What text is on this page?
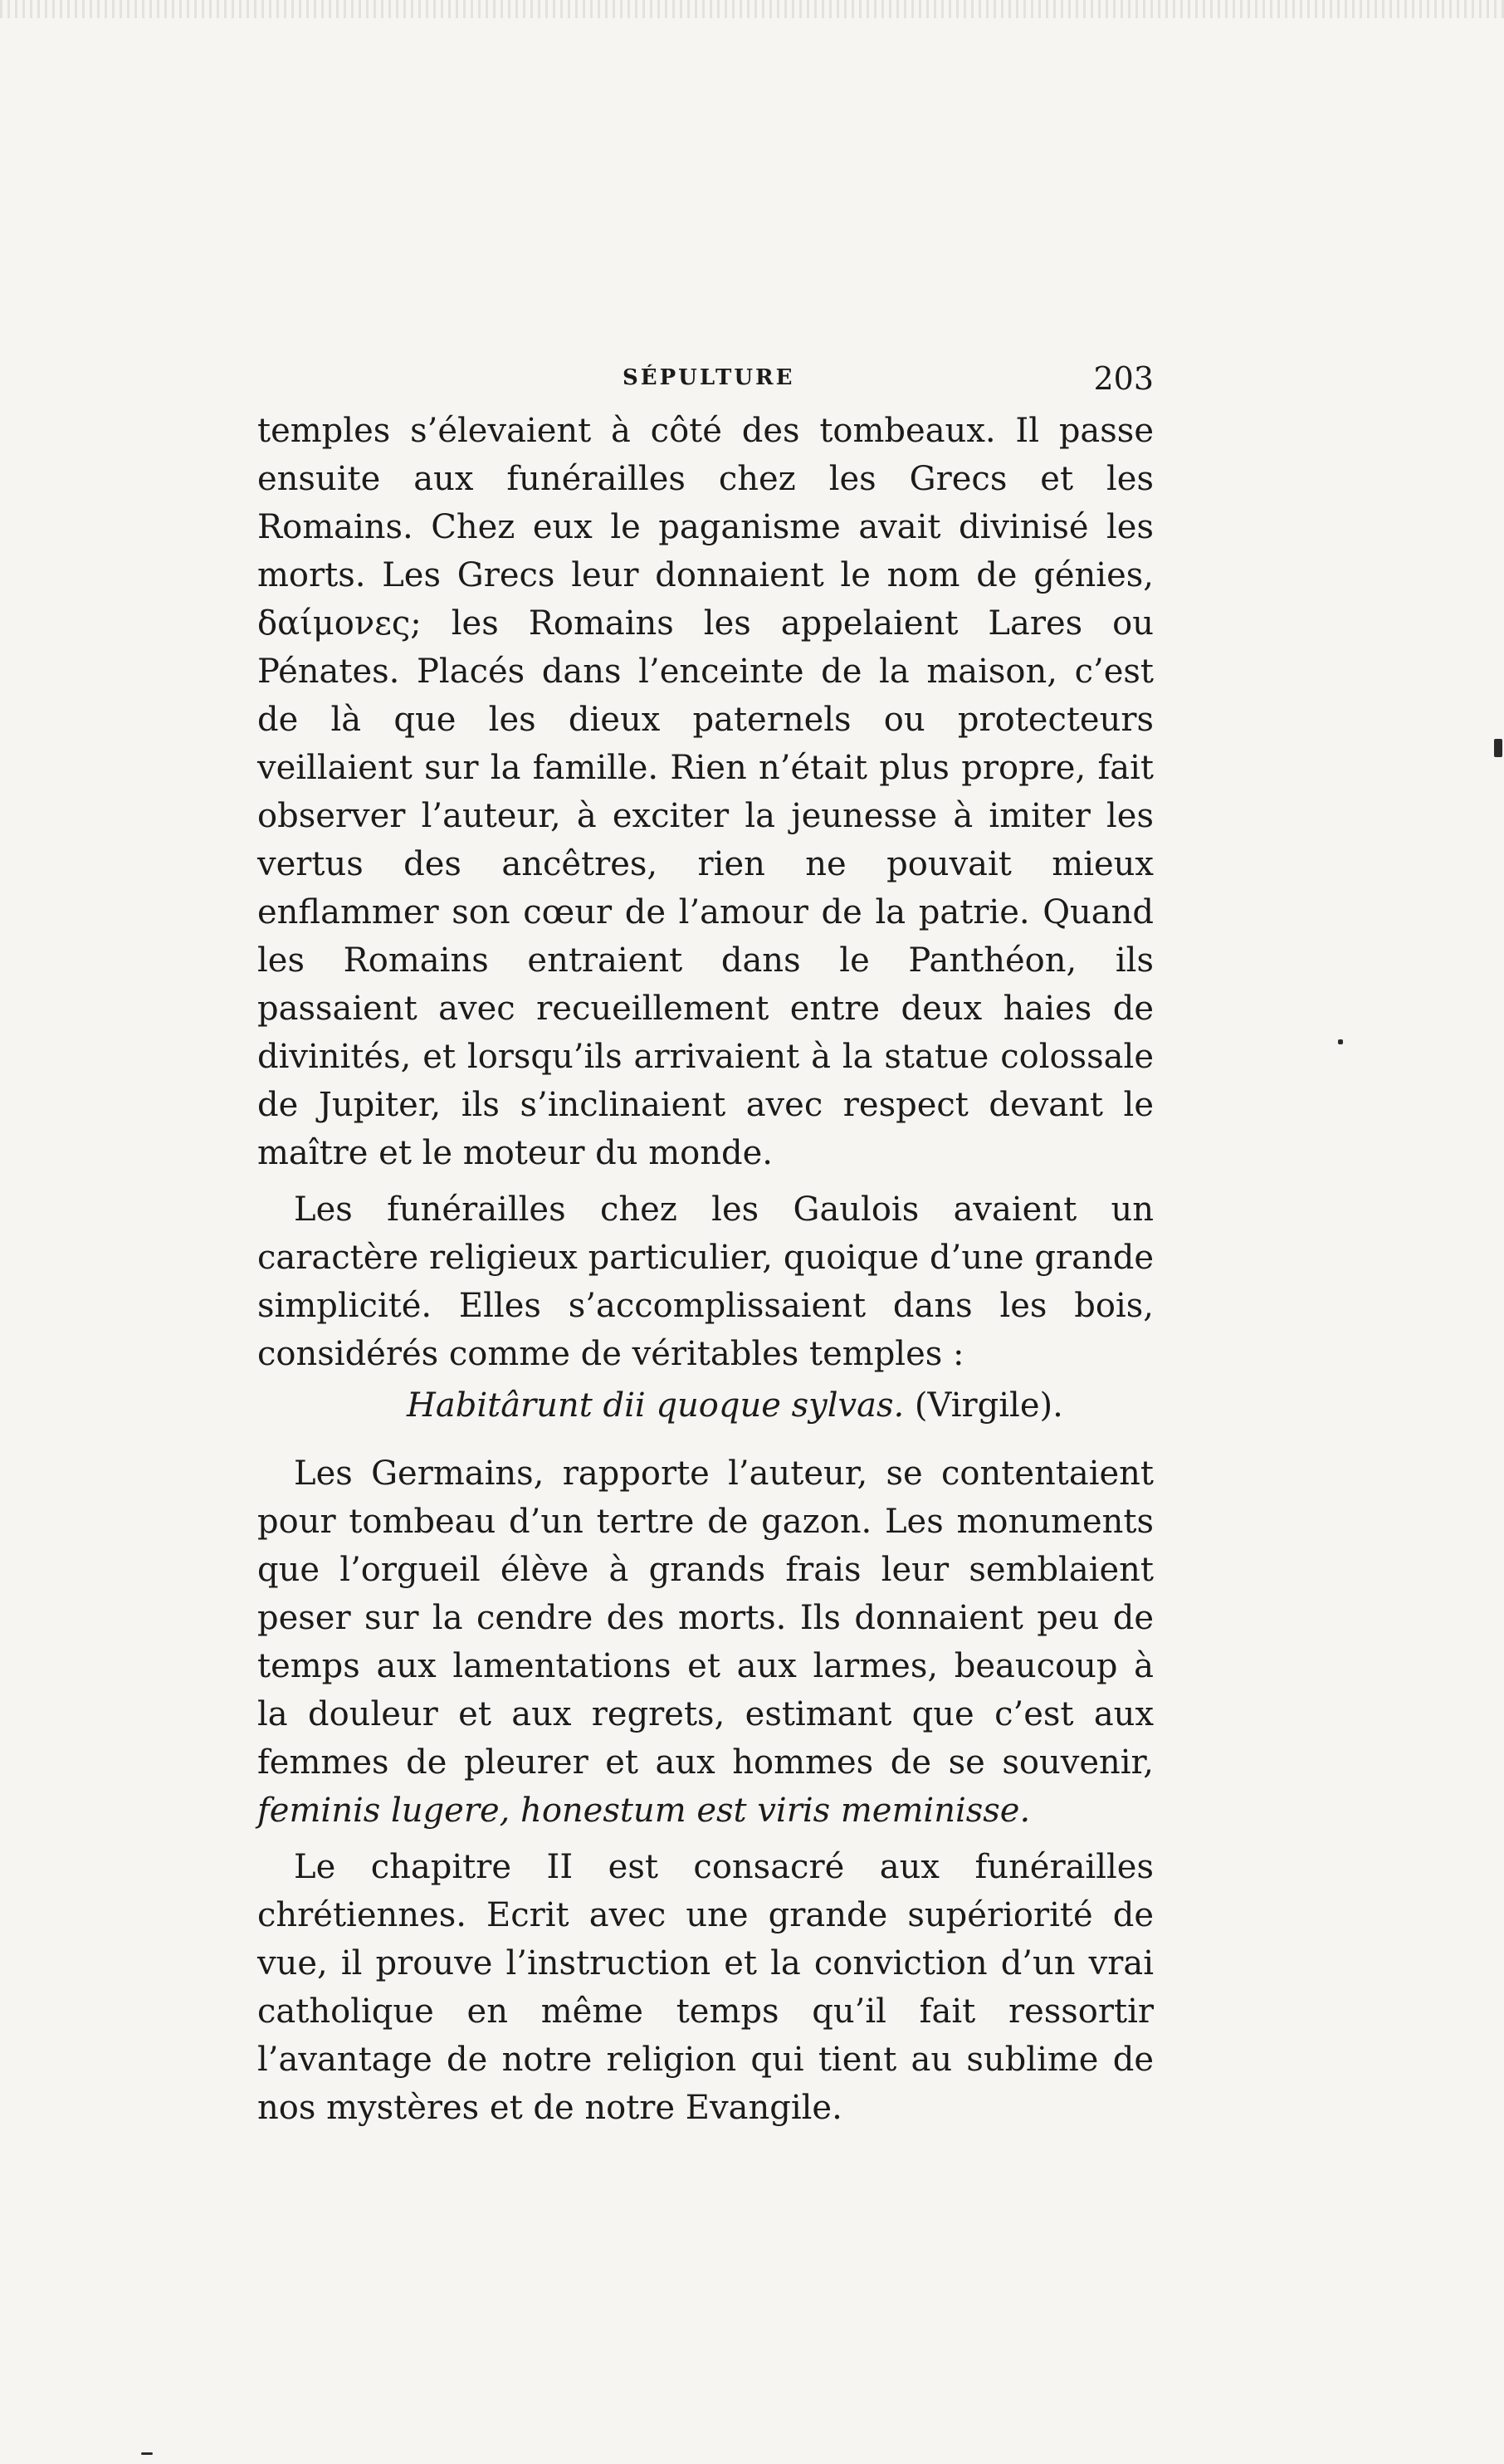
SÉPULTURE	203

temples s’élevaient à côté des tombeaux. Il passe ensuite aux funérailles chez les Grecs et les Romains. Chez eux le paganisme avait divinisé les morts. Les Grecs leur donnaient le nom de génies, δαίμονες; les Romains les appelaient Lares ou Pénates. Placés dans l’enceinte de la maison, c’est de là que les dieux paternels ou protecteurs veillaient sur la famille. Rien n’était plus propre, fait observer l’auteur, à exciter la jeunesse à imiter les vertus des ancêtres, rien ne pouvait mieux enflammer son cœur de l’amour de la patrie. Quand les Romains entraient dans le Panthéon, ils passaient avec recueillement entre deux haies de divinités, et lorsqu’ils arrivaient à la statue colossale de Jupiter, ils s’inclinaient avec respect devant le maître et le moteur du monde.

Les funérailles chez les Gaulois avaient un caractère religieux particulier, quoique d’une grande simplicité. Elles s’accomplissaient dans les bois, considérés comme de véritables temples :

Habitârunt dii quoque sylvas. (Virgile).

Les Germains, rapporte l’auteur, se contentaient pour tombeau d’un tertre de gazon. Les monuments que l’orgueil élève à grands frais leur semblaient peser sur la cendre des morts. Ils donnaient peu de temps aux lamentations et aux larmes, beaucoup à la douleur et aux regrets, estimant que c’est aux femmes de pleurer et aux hommes de se souvenir, feminis lugere, honestum est viris meminisse.

Le chapitre II est consacré aux funérailles chrétiennes. Ecrit avec une grande supériorité de vue, il prouve l’instruction et la conviction d’un vrai catholique en même temps qu’il fait ressortir l’avantage de notre religion qui tient au sublime de nos mystères et de notre Evangile.
